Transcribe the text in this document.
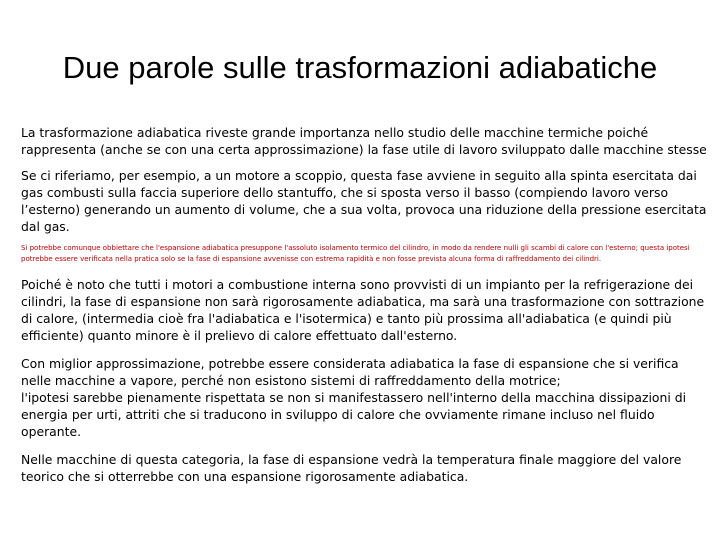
Due parole sulle trasformazioni adiabatiche

La trasformazione adiabatica riveste grande importanza nello studio delle macchine termiche poiché rappresenta (anche se con una certa approssimazione) la fase utile di lavoro sviluppato dalle macchine stesse

Se ci riferiamo, per esempio, a un motore a scoppio, questa fase avviene in seguito alla spinta esercitata dai gas combusti sulla faccia superiore dello stantuffo, che si sposta verso il basso (compiendo lavoro verso l’esterno) generando un aumento di volume, che a sua volta, provoca una riduzione della pressione esercitata dal gas.

Si potrebbe comunque obbiettare che l'espansione adiabatica presuppone l'assoluto isolamento termico del cilindro, in modo da rendere nulli gli scambi di calore con l'esterno; questa ipotesi potrebbe essere verificata nella pratica solo se la fase di espansione avvenisse con estrema rapidità e non fosse prevista alcuna forma di raffreddamento dei cilindri.

Poiché è noto che tutti i motori a combustione interna sono provvisti di un impianto per la refrigerazione dei cilindri, la fase di espansione non sarà rigorosamente adiabatica, ma sarà una trasformazione con sottrazione di calore, (intermedia cioè fra l'adiabatica e l'isotermica) e tanto più prossima all'adiabatica (e quindi più efficiente) quanto minore è il prelievo di calore effettuato dall'esterno.

Con miglior approssimazione, potrebbe essere considerata adiabatica la fase di espansione che si verifica nelle macchine a vapore, perché non esistono sistemi di raffreddamento della motrice;

l'ipotesi sarebbe pienamente rispettata se non si manifestassero nell'interno della macchina dissipazioni di energia per urti, attriti che si traducono in sviluppo di calore che ovviamente rimane incluso nel fluido operante.

Nelle macchine di questa categoria, la fase di espansione vedrà la temperatura finale maggiore del valore teorico che si otterrebbe con una espansione rigorosamente adiabatica.
